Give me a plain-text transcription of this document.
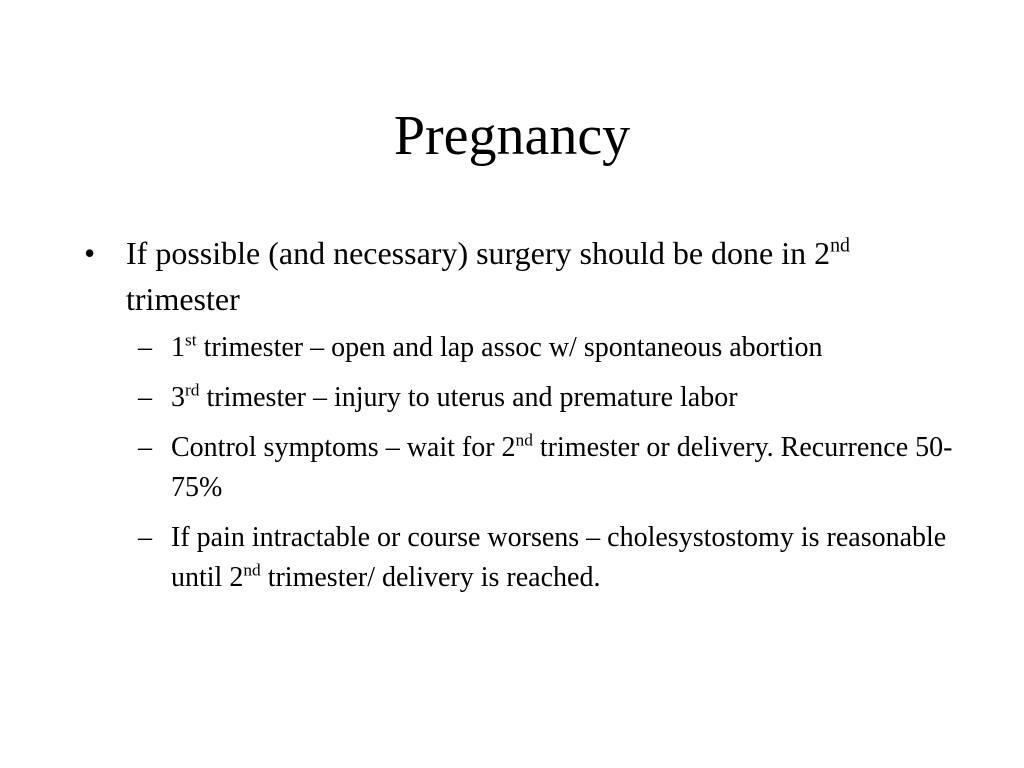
Pregnancy

• If possible (and necessary) surgery should be done in 2nd trimester

– 1st trimester – open and lap assoc w/ spontaneous abortion

– 3rd trimester – injury to uterus and premature labor

– Control symptoms – wait for 2nd trimester or delivery. Recurrence 50-75%

– If pain intractable or course worsens – cholesystostomy is reasonable until 2nd trimester/ delivery is reached.
